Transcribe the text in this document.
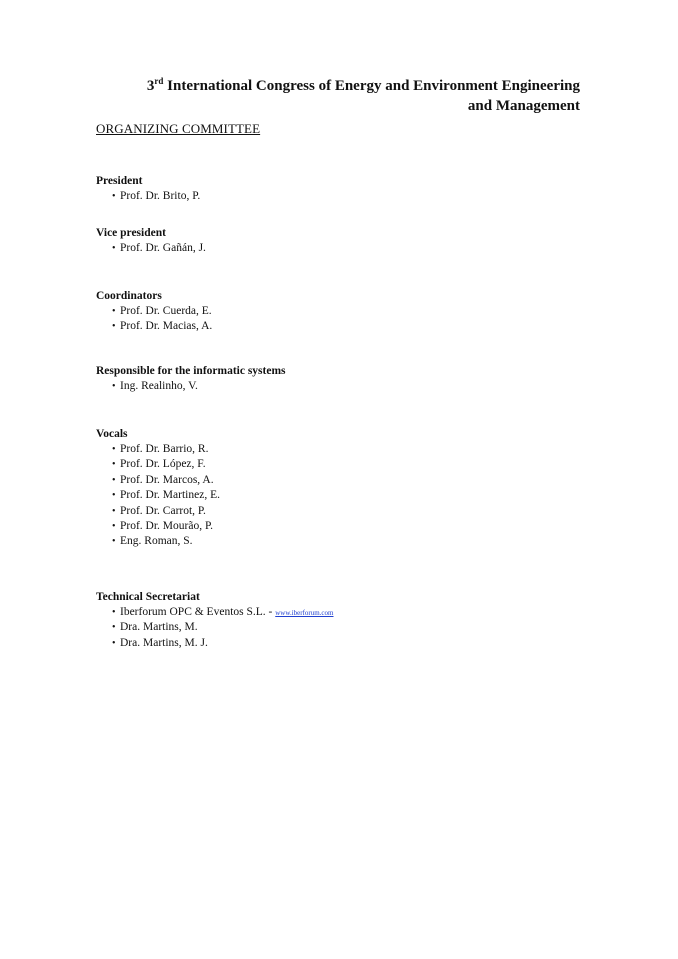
3rd International Congress of Energy and Environment Engineering
and Management
ORGANIZING COMMITTEE
President
• Prof. Dr. Brito, P.
Vice president
• Prof. Dr. Gañán, J.
Coordinators
• Prof. Dr. Cuerda, E.
• Prof. Dr. Macias, A.
Responsible for the informatic systems
• Ing. Realinho, V.
Vocals
• Prof. Dr. Barrio, R.
• Prof. Dr. López, F.
• Prof. Dr. Marcos, A.
• Prof. Dr. Martinez, E.
• Prof. Dr. Carrot, P.
• Prof. Dr. Mourão, P.
• Eng. Roman, S.
Technical Secretariat
• Iberforum OPC & Eventos S.L. - www.iberforum.com
• Dra. Martins, M.
• Dra. Martins, M. J.
